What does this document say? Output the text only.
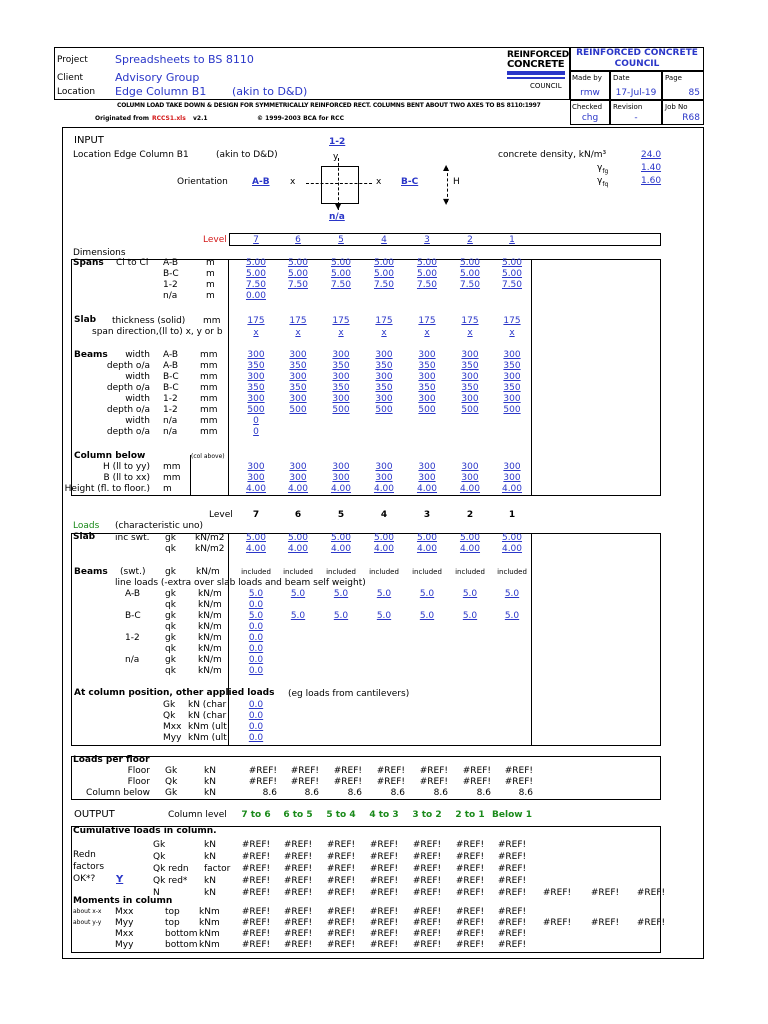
Project Spreadsheets to BS 8110
Client	Advisory Group
Location Edge Column B1 (akin to D&D)
REINFORCED
CONCRETE
COUNCIL
REINFORCED CONCRETE COUNCIL
Made by
rmw
Date
17-Jul-19
Page
85
Checked
chg
Revision
-
Job No
R68
COLUMN LOAD TAKE DOWN & DESIGN FOR SYMMETRICALLY REINFORCED RECT. COLUMNS BENT ABOUT TWO AXES TO BS 8110:1997
Originated from RCCS1.xls v2.1	© 1999-2003 BCA for RCC
INPUT
Location Edge Column B1	(akin to D&D)
1-2
y
Orientation	A-B x	x B-C
▼
n/a
▲
▼
H
concrete density, kN/m³	24.0
$\gamma_{fg}$	1.40
$\gamma_{fq}$	1.60
Level	7	6	5	4	3	2	1
Dimensions
Spans Cl to Cl A-B	m	5.00	5.00	5.00	5.00	5.00	5.00	5.00
B-C	m	5.00	5.00	5.00	5.00	5.00	5.00	5.00
1-2	m	7.50	7.50	7.50	7.50	7.50	7.50	7.50
n/a	m	0.00
Slab thickness (solid) mm
span direction,(ll to) x, y or b
175	175	175	175	175	175	175
x	x	x	x	x	x	x
Beams	width A-B mm	300	300	300	300	300	300	300
depth o/a A-B mm	350	350	350	350	350	350	350
width B-C mm	300	300	300	300	300	300	300
depth o/a B-C mm	350	350	350	350	350	350	350
width 1-2 mm	300	300	300	300	300	300	300
depth o/a 1-2 mm	500	500	500	500	500	500	500
width n/a	mm	0
depth o/a n/a	mm	0
Column below	(col above)
H (ll to yy) mm	300	300	300	300	300	300	300
B (ll to xx) mm	300	300	300	300	300	300	300
Height (fl. to floor.) m	4.00	4.00	4.00	4.00	4.00	4.00	4.00
Level	7	6	5	4	3	2	1
Loads (characteristic uno)
Slab inc swt. gk kN/m2	5.00	5.00	5.00	5.00	5.00	5.00	5.00
qk kN/m2	4.00	4.00	4.00	4.00	4.00	4.00	4.00
Beams (swt.) gk kN/m	included	included	included	included	included	included	included
line loads (-extra over slab loads and beam self weight)
A-B	gk kN/m	5.0	5.0	5.0	5.0	5.0	5.0	5.0
qk kN/m	0.0
B-C	gk kN/m	5.0	5.0	5.0	5.0	5.0	5.0	5.0
qk kN/m	0.0
1-2	gk kN/m	0.0
qk kN/m	0.0
n/a	gk kN/m	0.0
qk kN/m	0.0
At column position, other applied loads (eg loads from cantilevers)
Gk kN (char	0.0
Qk kN (char	0.0
Mxx kNm (ult	0.0
Myy kNm (ult	0.0
Loads per floor
Floor Gk	kN	#REF!	#REF!	#REF!	#REF!	#REF!	#REF!	#REF!
Floor Qk	kN	#REF!	#REF!	#REF!	#REF!	#REF!	#REF!	#REF!
Column below Gk	kN	8.6	8.6	8.6	8.6	8.6	8.6	8.6
OUTPUT	Column level	7 to 6	6 to 5	5 to 4	4 to 3	3 to 2	2 to 1 Below 1
Cumulative loads in column.
Gk	kN	#REF!	#REF!	#REF!	#REF!	#REF!	#REF!	#REF!
Redn	Qk	kN	#REF!	#REF!	#REF!	#REF!	#REF!	#REF!	#REF!
factors	Qk redn factor	#REF!	#REF!	#REF!	#REF!	#REF!	#REF!	#REF!
OK*?	Qk red* kN	#REF!	#REF!	#REF!	#REF!	#REF!	#REF!	#REF!
N	kN	#REF!	#REF!	#REF!	#REF!	#REF!	#REF!	#REF!	#REF!	#REF!	#REF!
Y
Moments in column
about x-x Mxx	top kNm	#REF!	#REF!	#REF!	#REF!	#REF!	#REF!	#REF!
about y-y Myy	top kNm	#REF!	#REF!	#REF!	#REF!	#REF!	#REF!	#REF!	#REF!	#REF!	#REF!
Mxx	bottom kNm	#REF!	#REF!	#REF!	#REF!	#REF!	#REF!	#REF!
Myy	bottom kNm	#REF!	#REF!	#REF!	#REF!	#REF!	#REF!	#REF!
